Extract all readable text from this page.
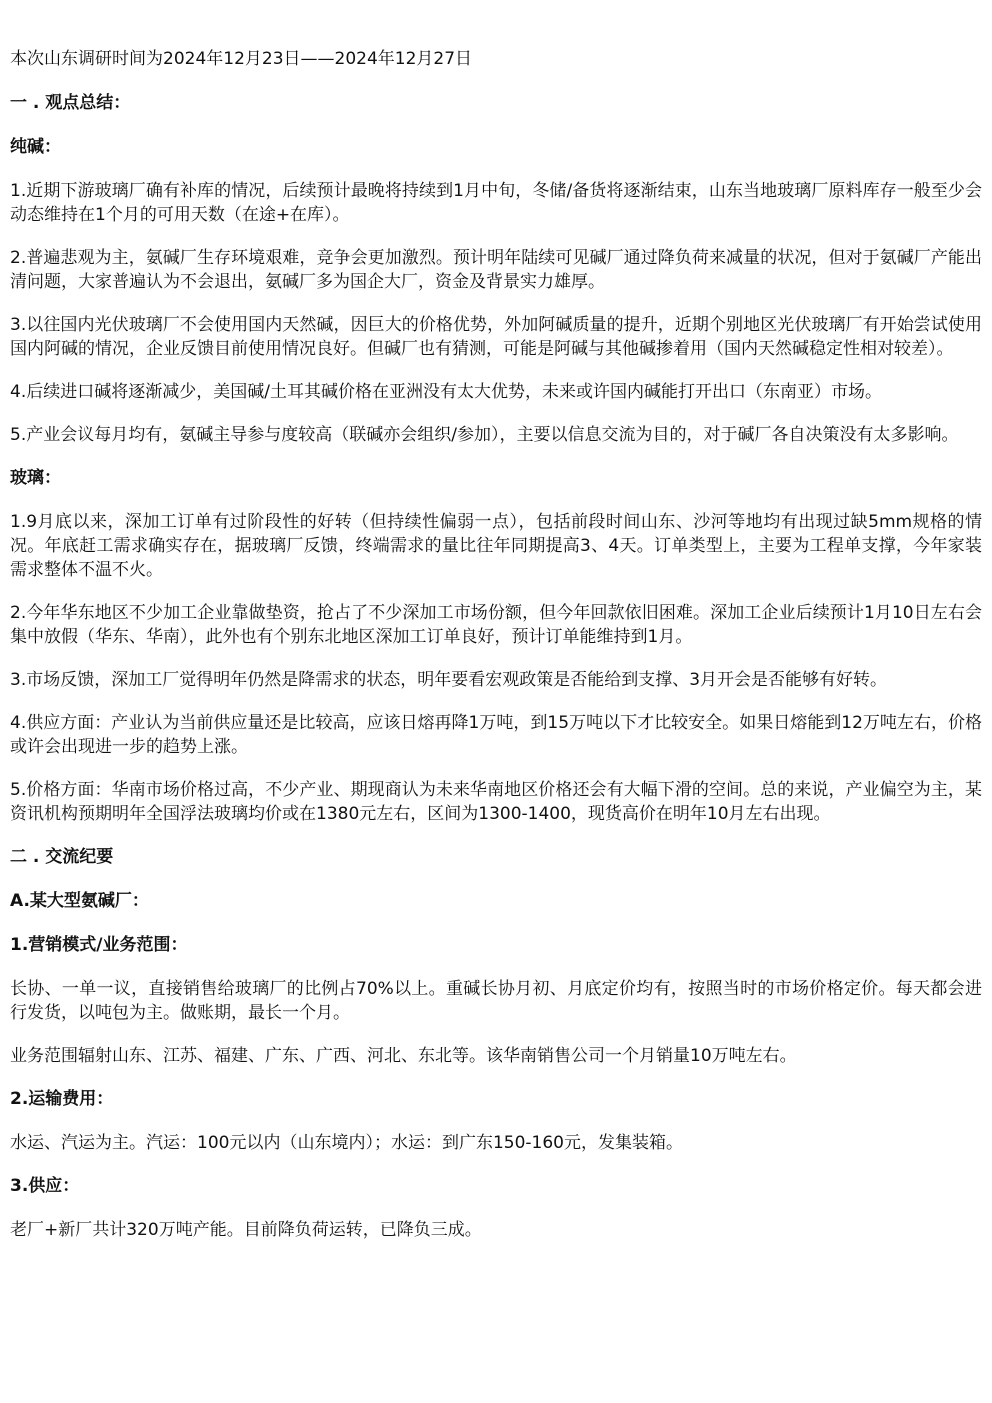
本次山东调研时间为2024年12月23日——2024年12月27日

一 . 观点总结：

纯碱：

1.近期下游玻璃厂确有补库的情况，后续预计最晚将持续到1月中旬，冬储/备货将逐渐结束，山东当地玻璃厂原料库存一般至少会动态维持在1个月的可用天数（在途+在库）。

2.普遍悲观为主，氨碱厂生存环境艰难，竞争会更加激烈。预计明年陆续可见碱厂通过降负荷来减量的状况，但对于氨碱厂产能出清问题，大家普遍认为不会退出，氨碱厂多为国企大厂，资金及背景实力雄厚。

3.以往国内光伏玻璃厂不会使用国内天然碱，因巨大的价格优势，外加阿碱质量的提升，近期个别地区光伏玻璃厂有开始尝试使用国内阿碱的情况，企业反馈目前使用情况良好。但碱厂也有猜测，可能是阿碱与其他碱掺着用（国内天然碱稳定性相对较差）。

4.后续进口碱将逐渐减少，美国碱/土耳其碱价格在亚洲没有太大优势，未来或许国内碱能打开出口（东南亚）市场。

5.产业会议每月均有，氨碱主导参与度较高（联碱亦会组织/参加），主要以信息交流为目的，对于碱厂各自决策没有太多影响。

玻璃：

1.9月底以来，深加工订单有过阶段性的好转（但持续性偏弱一点），包括前段时间山东、沙河等地均有出现过缺5mm规格的情况。年底赶工需求确实存在，据玻璃厂反馈，终端需求的量比往年同期提高3、4天。订单类型上，主要为工程单支撑，今年家装需求整体不温不火。

2.今年华东地区不少加工企业靠做垫资，抢占了不少深加工市场份额，但今年回款依旧困难。深加工企业后续预计1月10日左右会集中放假（华东、华南），此外也有个别东北地区深加工订单良好，预计订单能维持到1月。

3.市场反馈，深加工厂觉得明年仍然是降需求的状态，明年要看宏观政策是否能给到支撑、3月开会是否能够有好转。

4.供应方面：产业认为当前供应量还是比较高，应该日熔再降1万吨，到15万吨以下才比较安全。如果日熔能到12万吨左右，价格或许会出现进一步的趋势上涨。

5.价格方面：华南市场价格过高，不少产业、期现商认为未来华南地区价格还会有大幅下滑的空间。总的来说，产业偏空为主，某资讯机构预期明年全国浮法玻璃均价或在1380元左右，区间为1300-1400，现货高价在明年10月左右出现。

二 . 交流纪要

A.某大型氨碱厂：

1.营销模式/业务范围：

长协、一单一议，直接销售给玻璃厂的比例占70%以上。重碱长协月初、月底定价均有，按照当时的市场价格定价。每天都会进行发货，以吨包为主。做账期，最长一个月。

业务范围辐射山东、江苏、福建、广东、广西、河北、东北等。该华南销售公司一个月销量10万吨左右。

2.运输费用：

水运、汽运为主。汽运：100元以内（山东境内）；水运：到广东150-160元，发集装箱。

3.供应：

老厂+新厂共计320万吨产能。目前降负荷运转，已降负三成。
